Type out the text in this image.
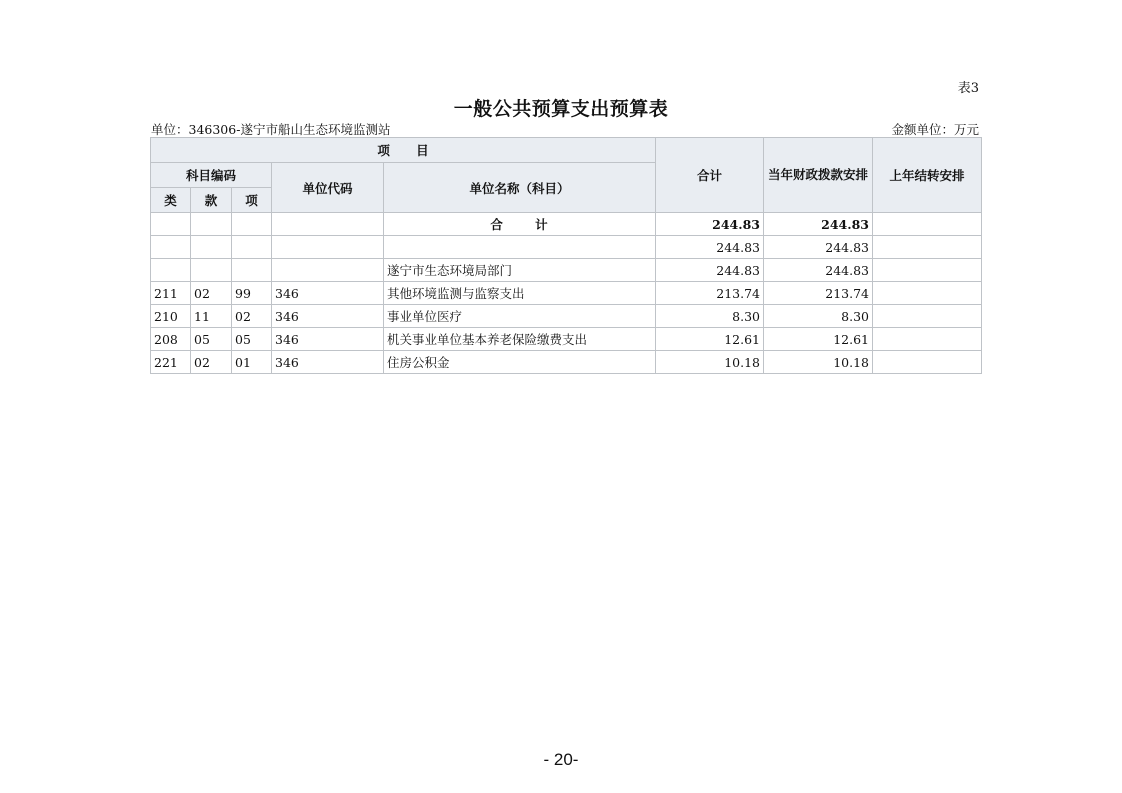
表3
一般公共预算支出预算表
单位：346306-遂宁市船山生态环境监测站	金额单位：万元
项 目					合计	当年财政拨款安排	上年结转安排
科目编码			单位代码	单位名称（科目）			
类	款	项					
				合 计	244.83	244.83	
					244.83	244.83	
				遂宁市生态环境局部门	244.83	244.83	
211	02	99	346	其他环境监测与监察支出	213.74	213.74	
210	11	02	346	事业单位医疗	8.30	8.30	
208	05	05	346	机关事业单位基本养老保险缴费支出	12.61	12.61	
221	02	01	346	住房公积金	10.18	10.18	
- 20-
